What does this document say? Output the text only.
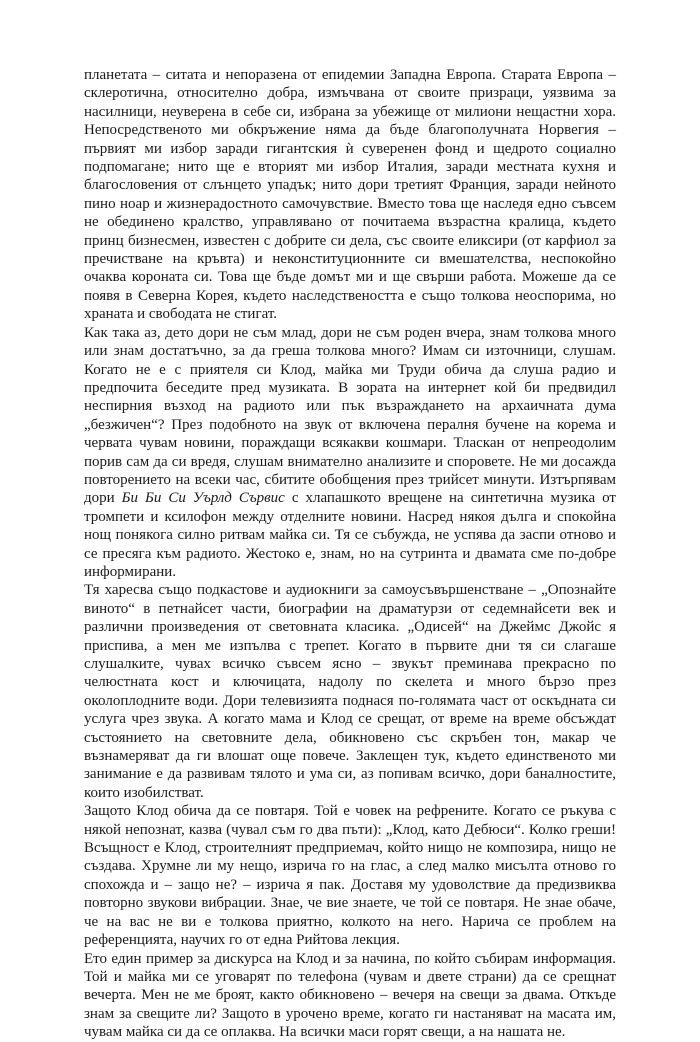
планетата – ситата и непоразена от епидемии Западна Европа. Старата Европа – склеротична, относително добра, измъчвана от своите призраци, уязвима за насилници, неуверена в себе си, избрана за убежище от милиони нещастни хора. Непосредственото ми обкръжение няма да бъде благополучната Норвегия – първият ми избор заради гигантския ѝ суверенен фонд и щедрото социално подпомагане; нито ще е вторият ми избор Италия, заради местната кухня и благословения от слънцето упадък; нито дори третият Франция, заради нейното пино ноар и жизнерадостното самочувствие. Вместо това ще наследя едно съвсем не обединено кралство, управлявано от почитаема възрастна кралица, където принц бизнесмен, известен с добрите си дела, със своите еликсири (от карфиол за пречистване на кръвта) и неконституционните си вмешателства, неспокойно очаква короната си. Това ще бъде домът ми и ще свърши работа. Можеше да се появя в Северна Корея, където наследствеността е също толкова неоспорима, но храната и свободата не стигат.

Как така аз, дето дори не съм млад, дори не съм роден вчера, знам толкова много или знам достатъчно, за да греша толкова много? Имам си източници, слушам. Когато не е с приятеля си Клод, майка ми Труди обича да слуша радио и предпочита беседите пред музиката. В зората на интернет кой би предвидил неспирния възход на радиото или пък възраждането на архаичната дума „безжичен“? През подобното на звук от включена пералня бучене на корема и червата чувам новини, пораждащи всякакви кошмари. Тласкан от непреодолим порив сам да си вредя, слушам внимателно анализите и споровете. Не ми досажда повторението на всеки час, сбитите обобщения през трийсет минути. Изтърпявам дори Би Би Си Уърлд Сървис с хлапашкото врещене на синтетична музика от тромпети и ксилофон между отделните новини. Насред някоя дълга и спокойна нощ понякога силно ритвам майка си. Тя се събужда, не успява да заспи отново и се пресяга към радиото. Жестоко е, знам, но на сутринта и двамата сме по-добре информирани.

Тя харесва също подкастове и аудиокниги за самоусъвършенстване – „Опознайте виното“ в петнайсет части, биографии на драматурзи от седемнайсети век и различни произведения от световната класика. „Одисей“ на Джеймс Джойс я приспива, а мен ме изпълва с трепет. Когато в първите дни тя си слагаше слушалките, чувах всичко съвсем ясно – звукът преминава прекрасно по челюстната кост и ключицата, надолу по скелета и много бързо през околоплодните води. Дори телевизията поднася по-голямата част от оскъдната си услуга чрез звука. А когато мама и Клод се срещат, от време на време обсъждат състоянието на световните дела, обикновено със скръбен тон, макар че възнамеряват да ги влошат още повече. Заклещен тук, където единственото ми занимание е да развивам тялото и ума си, аз попивам всичко, дори баналностите, които изобилстват.

Защото Клод обича да се повтаря. Той е човек на рефрените. Когато се ръкува с някой непознат, казва (чувал съм го два пъти): „Клод, като Дебюси“. Колко греши! Всъщност е Клод, строителният предприемач, който нищо не композира, нищо не създава. Хрумне ли му нещо, изрича го на глас, а след малко мисълта отново го спохожда и – защо не? – изрича я пак. Доставя му удоволствие да предизвиква повторно звукови вибрации. Знае, че вие знаете, че той се повтаря. Не знае обаче, че на вас не ви е толкова приятно, колкото на него. Нарича се проблем на референцията, научих го от една Рийтова лекция.

Ето един пример за дискурса на Клод и за начина, по който събирам информация. Той и майка ми се уговарят по телефона (чувам и двете страни) да се срещнат вечерта. Мен не ме броят, както обикновено – вечеря на свещи за двама. Откъде знам за свещите ли? Защото в урочено време, когато ги настаняват на масата им, чувам майка си да се оплаква. На всички маси горят свещи, а на нашата не.
